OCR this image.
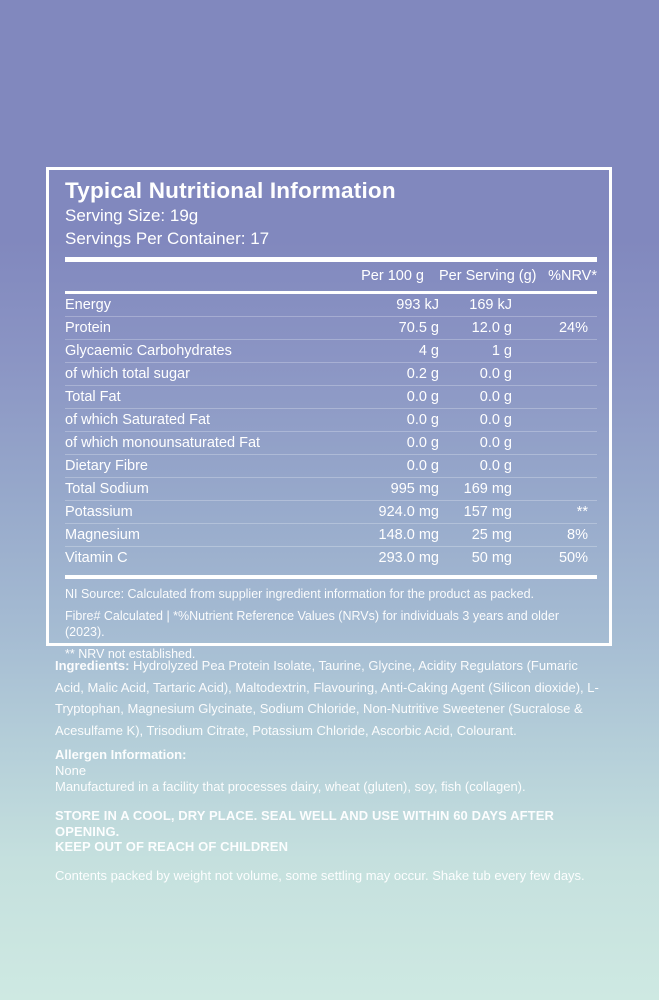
Typical Nutritional Information
Serving Size: 19g
Servings Per Container: 17
	Per 100 g	Per Serving (g)	%NRV*
Energy	993 kJ	169 kJ	
Protein	70.5 g	12.0 g	24%
Glycaemic Carbohydrates	4 g	1 g	
of which total sugar	0.2 g	0.0 g	
Total Fat	0.0 g	0.0 g	
of which Saturated Fat	0.0 g	0.0 g	
of which monounsaturated Fat	0.0 g	0.0 g	
Dietary Fibre	0.0 g	0.0 g	
Total Sodium	995 mg	169 mg	
Potassium	924.0 mg	157 mg	**
Magnesium	148.0 mg	25 mg	8%
Vitamin C	293.0 mg	50 mg	50%

NI Source: Calculated from supplier ingredient information for the product as packed.

Fibre# Calculated | *%Nutrient Reference Values (NRVs) for individuals 3 years and older (2023).

** NRV not established.

Ingredients: Hydrolyzed Pea Protein Isolate, Taurine, Glycine, Acidity Regulators (Fumaric Acid, Malic Acid, Tartaric Acid), Maltodextrin, Flavouring, Anti-Caking Agent (Silicon dioxide), L-Tryptophan, Magnesium Glycinate, Sodium Chloride, Non-Nutritive Sweetener (Sucralose & Acesulfame K), Trisodium Citrate, Potassium Chloride, Ascorbic Acid, Colourant.

Allergen Information:
None
Manufactured in a facility that processes dairy, wheat (gluten), soy, fish (collagen).
STORE IN A COOL, DRY PLACE. SEAL WELL AND USE WITHIN 60 DAYS AFTER OPENING.
KEEP OUT OF REACH OF CHILDREN

Contents packed by weight not volume, some settling may occur. Shake tub every few days.
